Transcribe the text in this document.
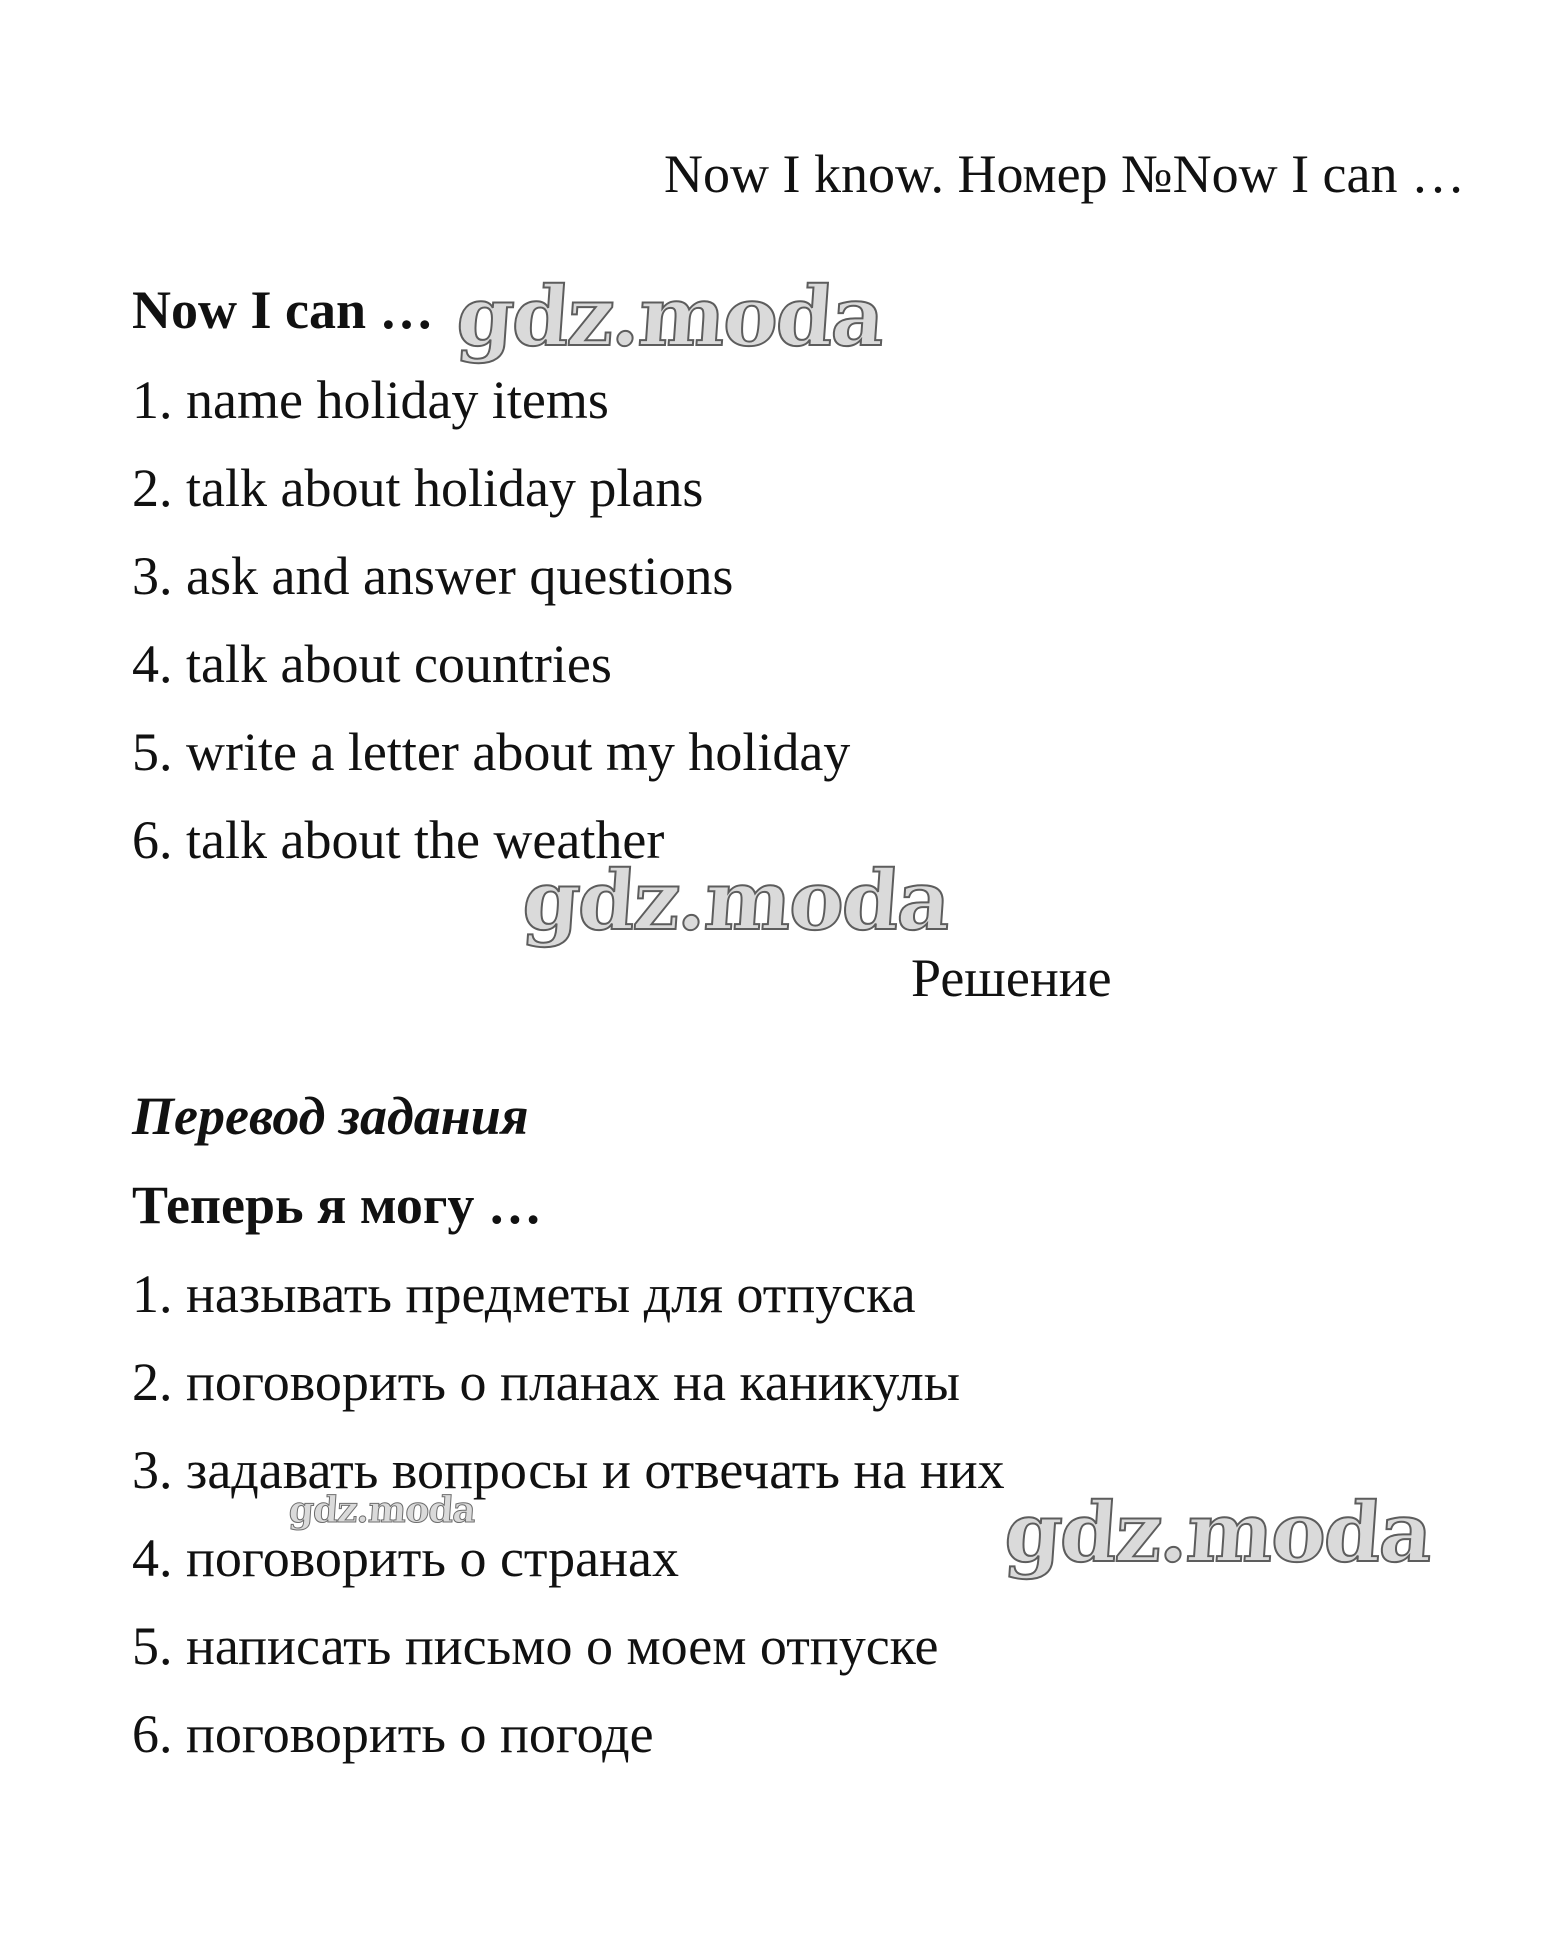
Now I know. Номер №Now I can …
Now I can …
1. name holiday items
2. talk about holiday plans
3. ask and answer questions
4. talk about countries
5. write a letter about my holiday
6. talk about the weather
Решение
Перевод задания
Теперь я могу …
1. называть предметы для отпуска
2. поговорить о планах на каникулы
3. задавать вопросы и отвечать на них
4. поговорить о странах
5. написать письмо о моем отпуске
6. поговорить о погоде
gdz.moda
gdz.moda
gdz.moda	gdz.moda
